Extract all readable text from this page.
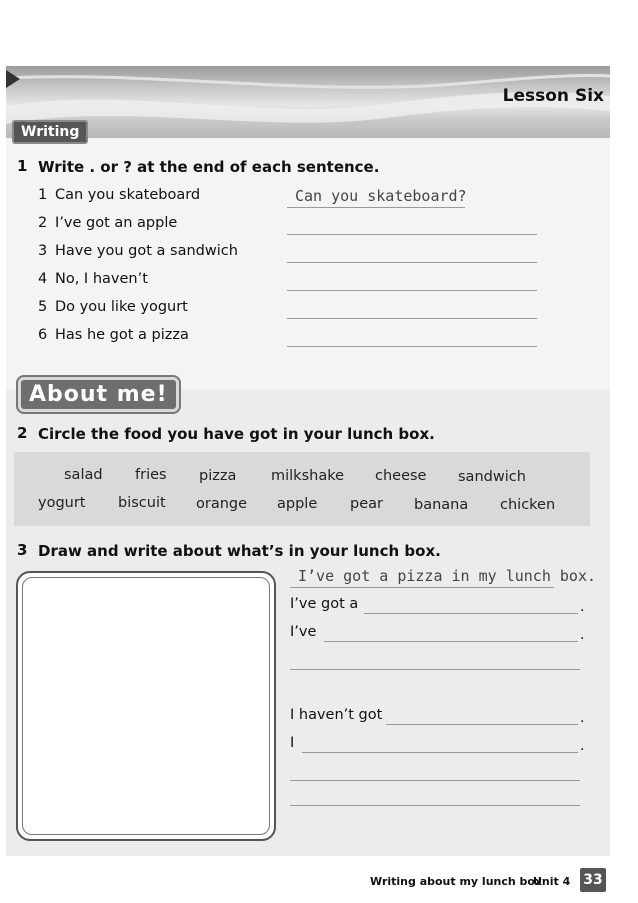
Lesson Six
Writing
1 Write . or ? at the end of each sentence.
1 Can you skateboard
2 I’ve got an apple
3 Have you got a sandwich
4 No, I haven’t
5 Do you like yogurt
6 Has he got a pizza
Can you skateboard?
About me!
2 Circle the food you have got in your lunch box.
salad fries pizza milkshake cheese sandwich
yogurt biscuit orange apple pear banana chicken
3 Draw and write about what’s in your lunch box.
I’ve got a pizza in my lunch box.
I’ve got a	.
I’ve	.
I haven’t got	.
I	.
Writing about my lunch box
Unit 4 33
